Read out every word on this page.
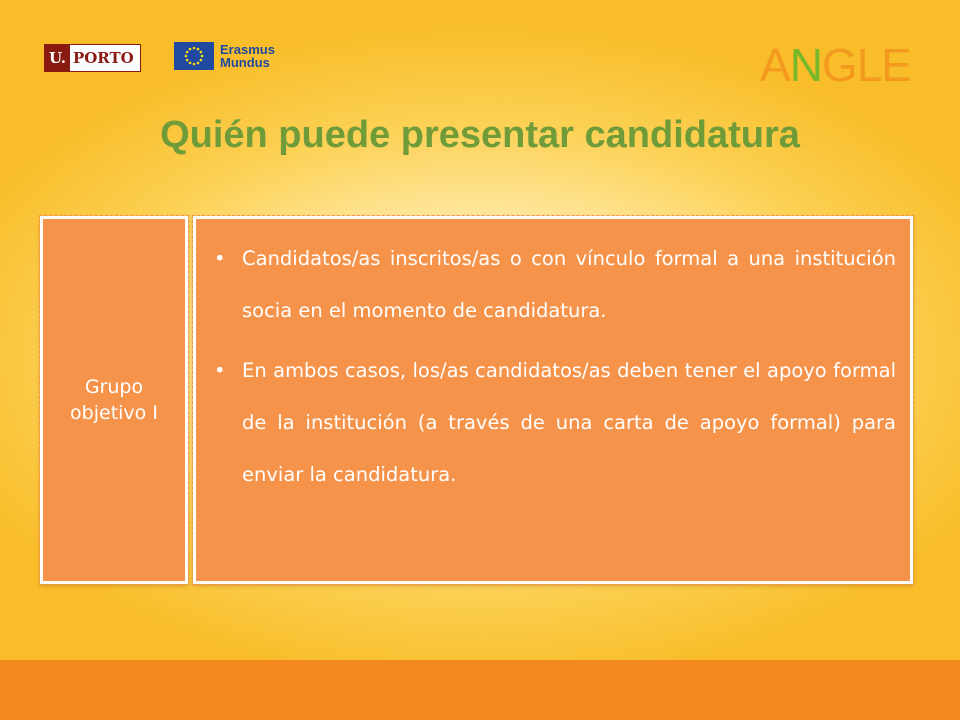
U. PORTO	Erasmus
Mundus	ANGLE
Quién puede presentar candidatura
Grupo objetivo I
• Candidatos/as inscritos/as o con vínculo formal a una institución socia en el momento de candidatura.
• En ambos casos, los/as candidatos/as deben tener el apoyo formal de la institución (a través de una carta de apoyo formal) para enviar la candidatura.
